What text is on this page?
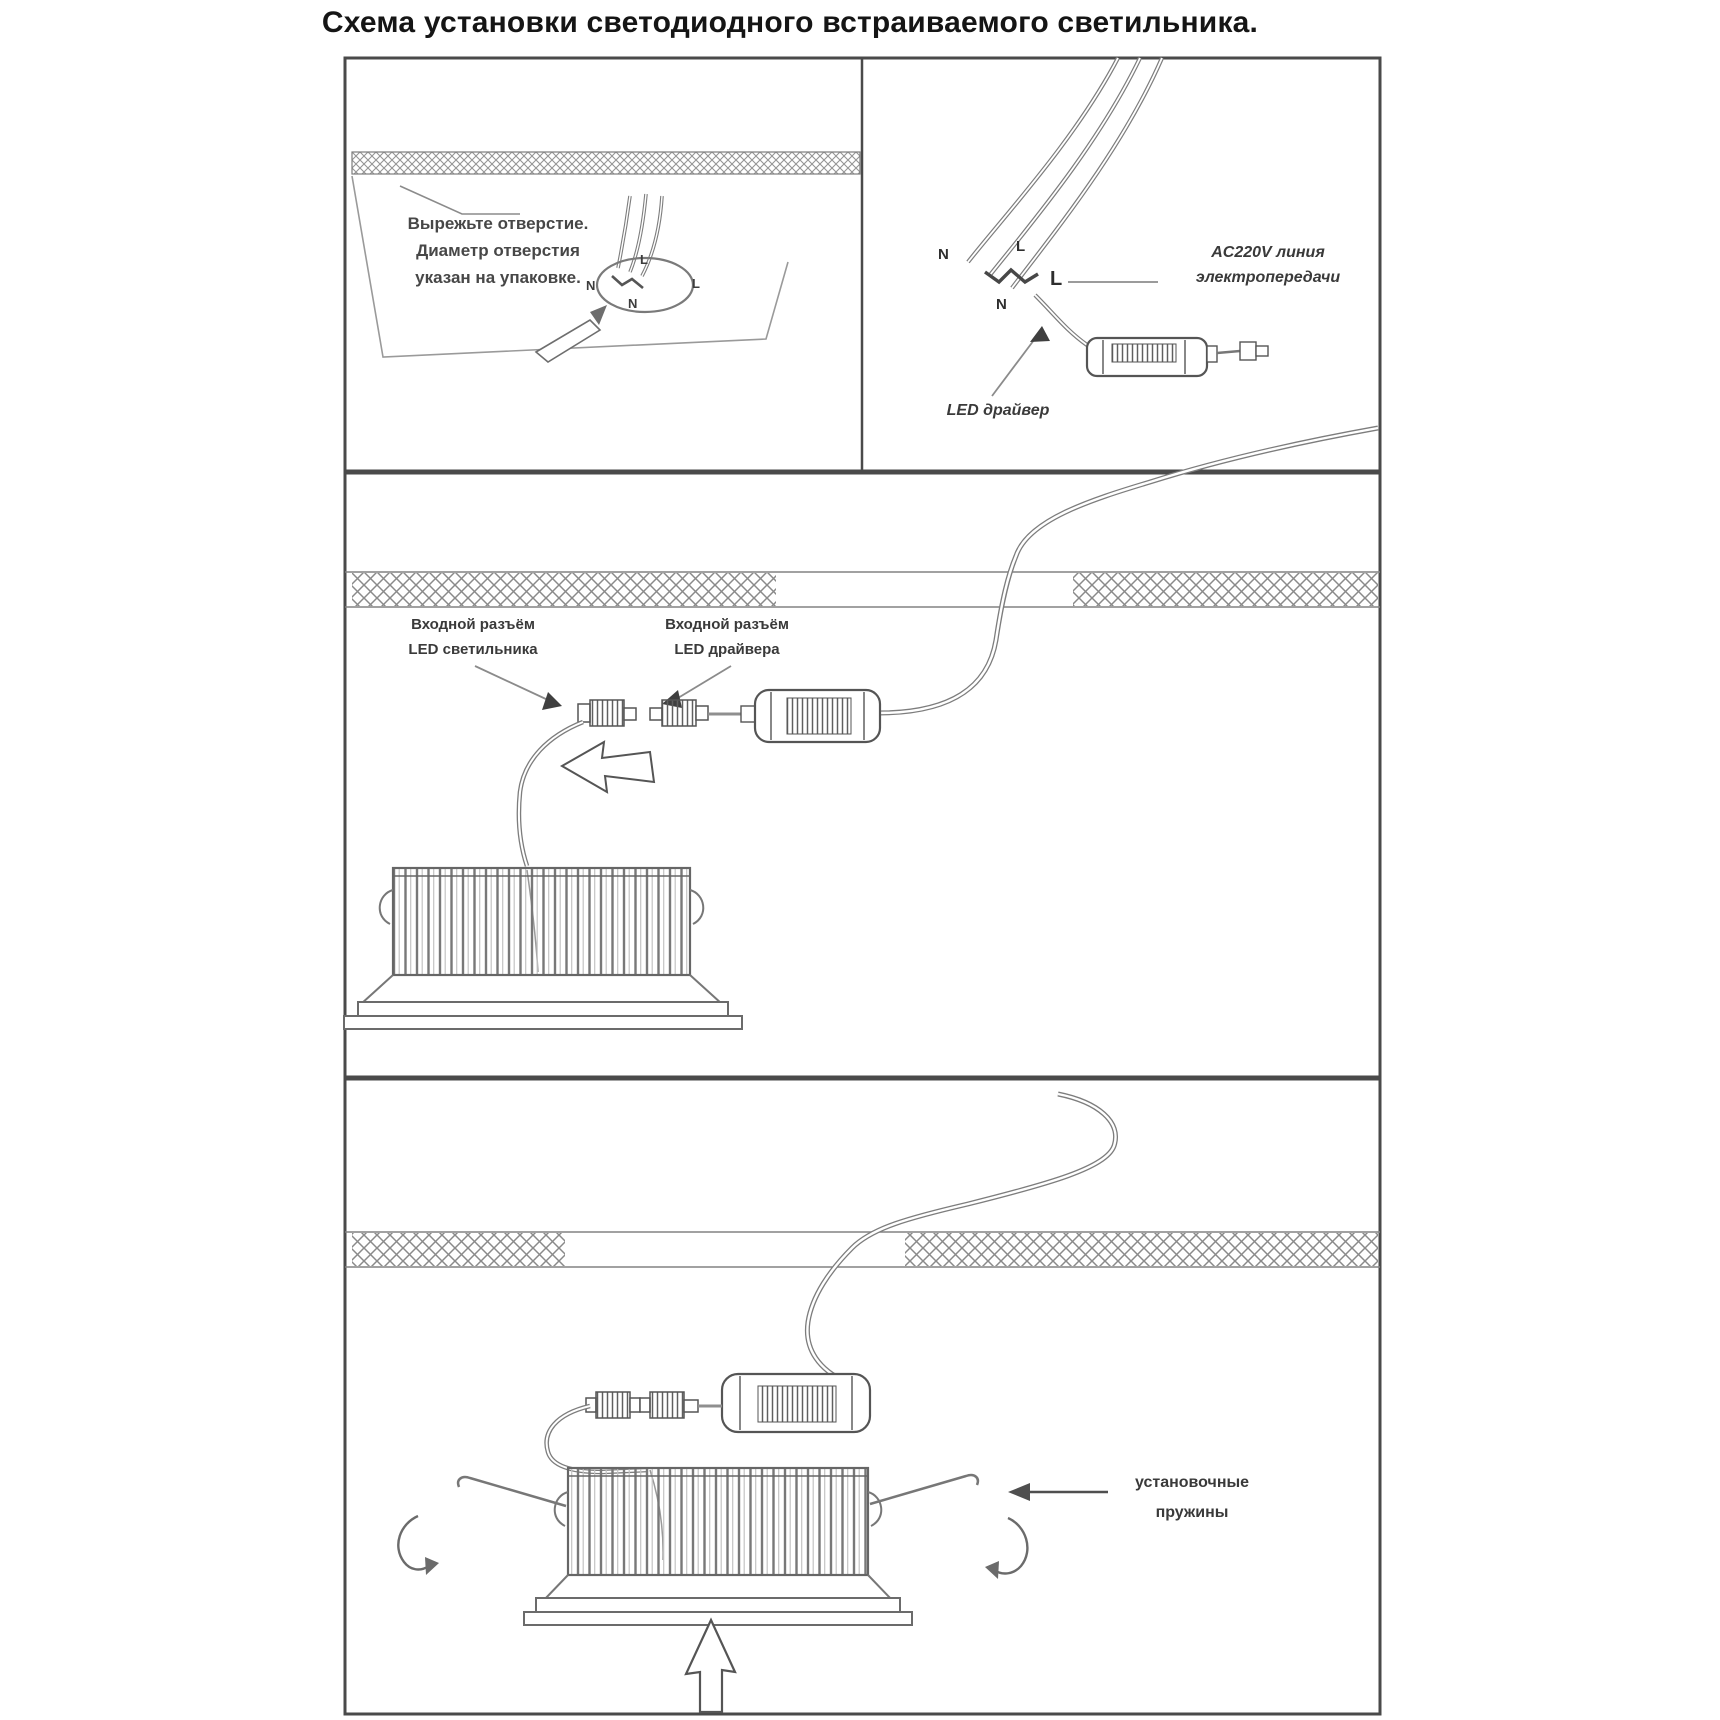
Схема установки светодиодного встраиваемого светильника.
Вырежьте отверстие.
Диаметр отверстия
указан на упаковке. N
L
N
L
N	L
L
N
AC220V линия
электропередачи
LED драйвер
Входной разъём
LED светильника
Входной разъём
LED драйвера
установочные
пружины
